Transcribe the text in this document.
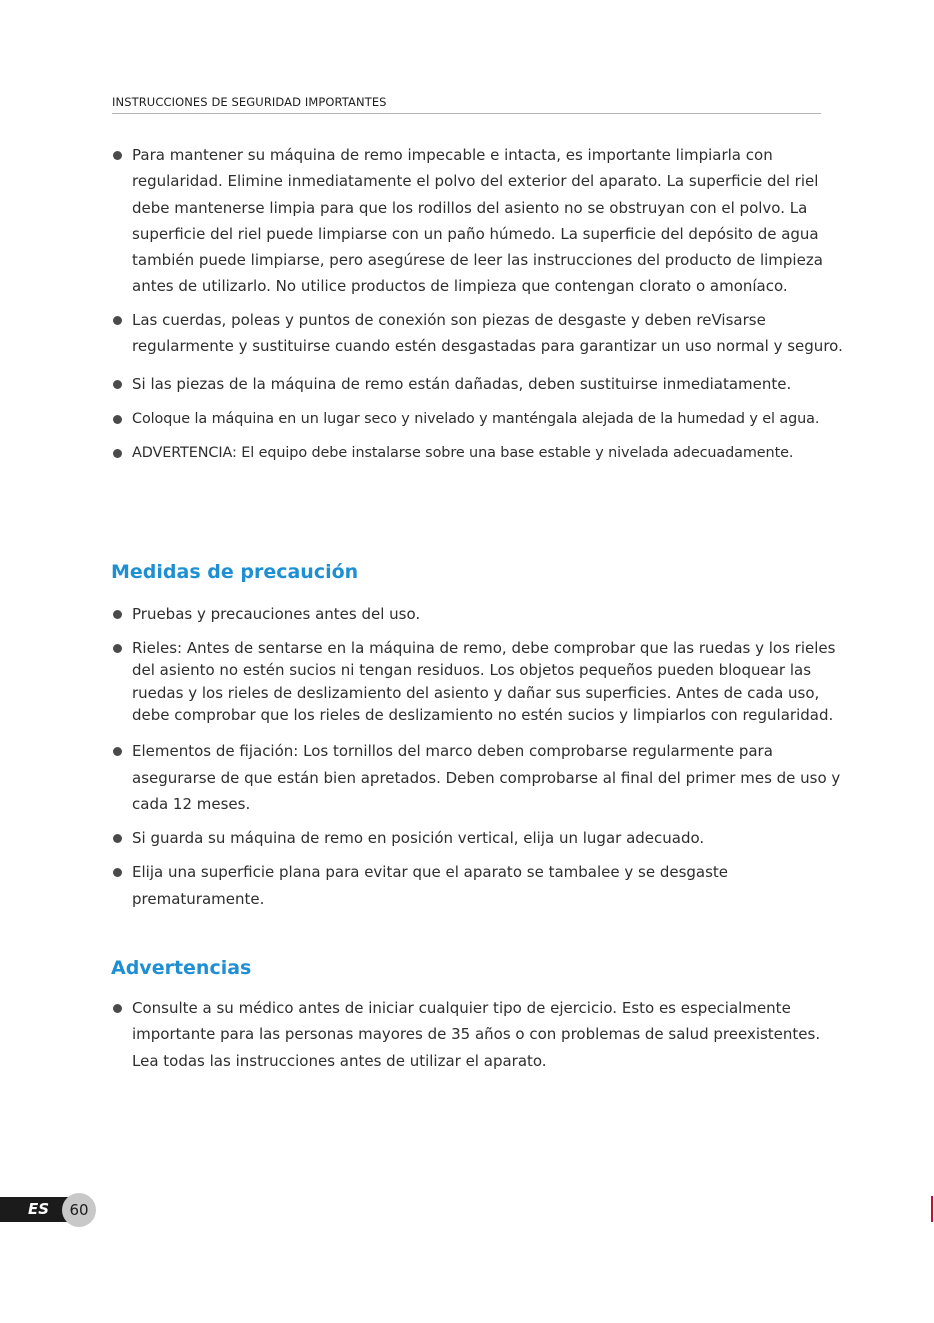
INSTRUCCIONES DE SEGURIDAD IMPORTANTES
Para mantener su máquina de remo impecable e intacta, es importante limpiarla con regularidad. Elimine inmediatamente el polvo del exterior del aparato. La superficie del riel debe mantenerse limpia para que los rodillos del asiento no se obstruyan con el polvo. La superficie del riel puede limpiarse con un paño húmedo. La superficie del depósito de agua también puede limpiarse, pero asegúrese de leer las instrucciones del producto de limpieza antes de utilizarlo. No utilice productos de limpieza que contengan clorato o amoníaco.
Las cuerdas, poleas y puntos de conexión son piezas de desgaste y deben reVisarse regularmente y sustituirse cuando estén desgastadas para garantizar un uso normal y seguro.
Si las piezas de la máquina de remo están dañadas, deben sustituirse inmediatamente.
Coloque la máquina en un lugar seco y nivelado y manténgala alejada de la humedad y el agua.
ADVERTENCIA: El equipo debe instalarse sobre una base estable y nivelada adecuadamente.
Medidas de precaución
Pruebas y precauciones antes del uso.
Rieles: Antes de sentarse en la máquina de remo, debe comprobar que las ruedas y los rieles del asiento no estén sucios ni tengan residuos. Los objetos pequeños pueden bloquear las ruedas y los rieles de deslizamiento del asiento y dañar sus superficies. Antes de cada uso, debe comprobar que los rieles de deslizamiento no estén sucios y limpiarlos con regularidad.
Elementos de fijación: Los tornillos del marco deben comprobarse regularmente para asegurarse de que están bien apretados. Deben comprobarse al final del primer mes de uso y cada 12 meses.
Si guarda su máquina de remo en posición vertical, elija un lugar adecuado.
Elija una superficie plana para evitar que el aparato se tambalee y se desgaste prematuramente.
Advertencias
Consulte a su médico antes de iniciar cualquier tipo de ejercicio. Esto es especialmente importante para las personas mayores de 35 años o con problemas de salud preexistentes. Lea todas las instrucciones antes de utilizar el aparato.
ES	60
